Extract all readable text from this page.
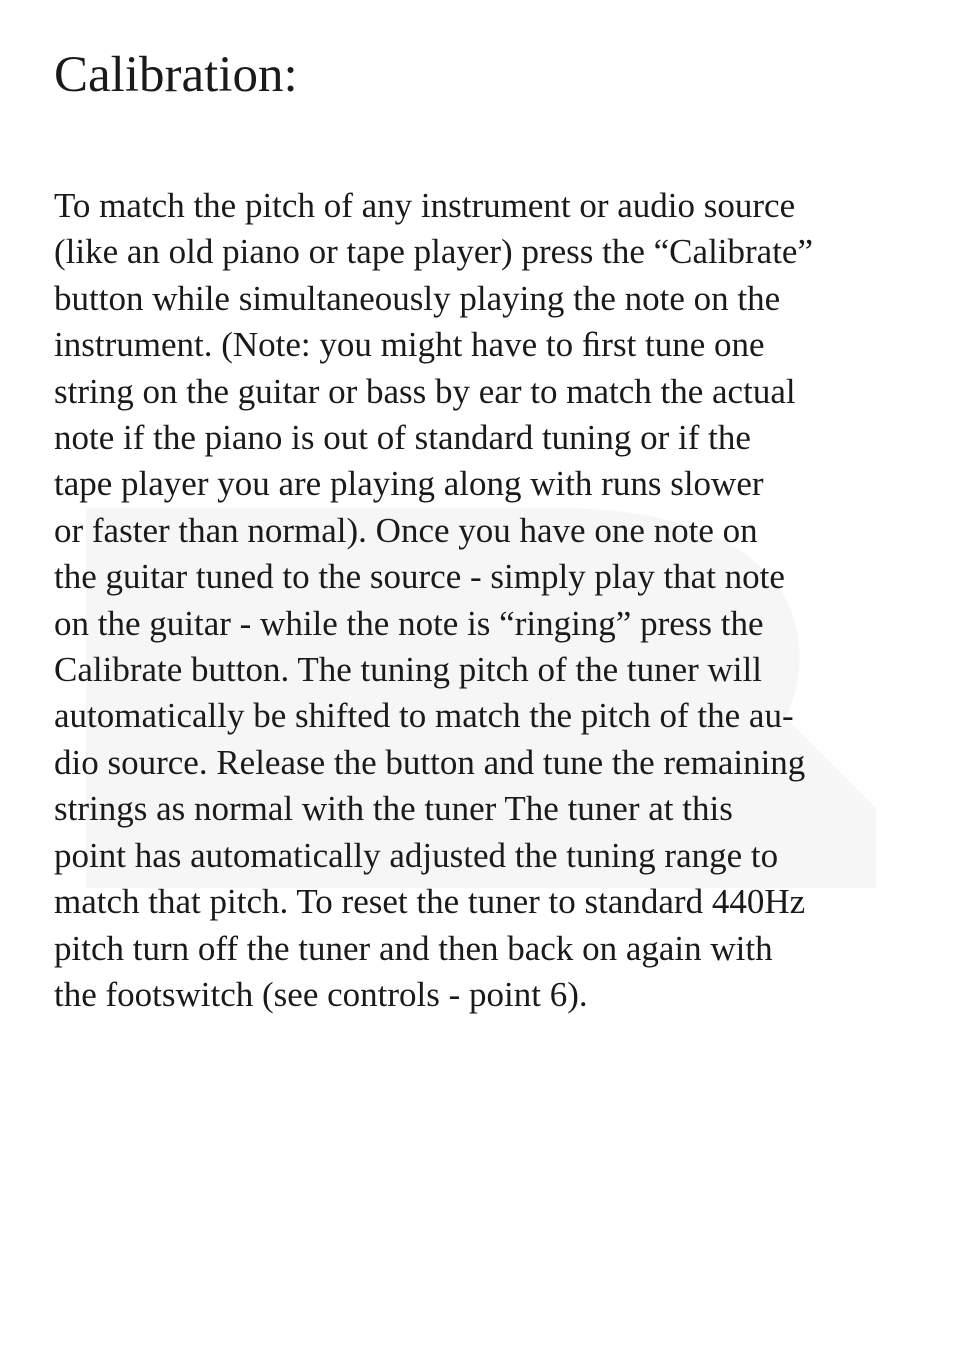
Calibration:

To match the pitch of any instrument or audio source
(like an old piano or tape player) press the “Calibrate”
button while simultaneously playing the note on the
instrument. (Note: you might have to ﬁrst tune one
string on the guitar or bass by ear to match the actual
note if the piano is out of standard tuning or if the
tape player you are playing along with runs slower
or faster than normal). Once you have one note on
the guitar tuned to the source - simply play that note
on the guitar - while the note is “ringing” press the
Calibrate button. The tuning pitch of the tuner will
automatically be shifted to match the pitch of the au-
dio source. Release the button and tune the remaining
strings as normal with the tuner The tuner at this
point has automatically adjusted the tuning range to
match that pitch. To reset the tuner to standard 440Hz
pitch turn off the tuner and then back on again with
the footswitch (see controls - point 6).
